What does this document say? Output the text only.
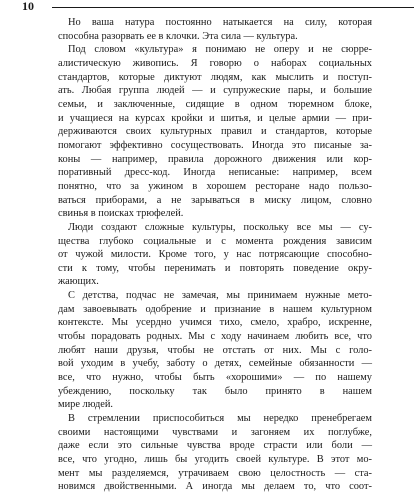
10
Но ваша натура постоянно натыкается на силу, которая
способна разорвать ее в клочки. Эта сила — культура.
Под словом «культура» я понимаю не оперу и не сюрре-
алистическую живопись. Я говорю о наборах социальных
стандартов, которые диктуют людям, как мыслить и поступ-
ать. Любая группа людей — и супружеские пары, и большие
семьи, и заключенные, сидящие в одном тюремном блоке,
и учащиеся на курсах кройки и шитья, и целые армии — при-
держиваются своих культурных правил и стандартов, которые
помогают эффективно сосуществовать. Иногда это писаные за-
коны — например, правила дорожного движения или кор-
поративный дресс-код. Иногда неписаные: например, всем
понятно, что за ужином в хорошем ресторане надо пользо-
ваться приборами, а не зарываться в миску лицом, словно
свинья в поисках трюфелей.
Люди создают сложные культуры, поскольку все мы — су-
щества глубоко социальные и с момента рождения зависим
от чужой милости. Кроме того, у нас потрясающие способно-
сти к тому, чтобы перенимать и повторять поведение окру-
жающих.
С детства, подчас не замечая, мы принимаем нужные мето-
дам завоевывать одобрение и признание в нашем культурном
контексте. Мы усердно учимся тихо, смело, храбро, искренне,
чтобы порадовать родных. Мы с ходу начинаем любить все, что
любят наши друзья, чтобы не отстать от них. Мы с голо-
вой уходим в учебу, заботу о детях, семейные обязанности —
все, что нужно, чтобы быть «хорошими» — по нашему
убеждению, поскольку так было принято в нашем
мире людей.
В стремлении приспособиться мы нередко пренебрегаем
своими настоящими чувствами и загоняем их поглубже,
даже если это сильные чувства вроде страсти или боли —
все, что угодно, лишь бы угодить своей культуре. В этот мо-
мент мы разделяемся, утрачиваем свою целостность — ста-
новимся двойственными. А иногда мы делаем то, что соот-
